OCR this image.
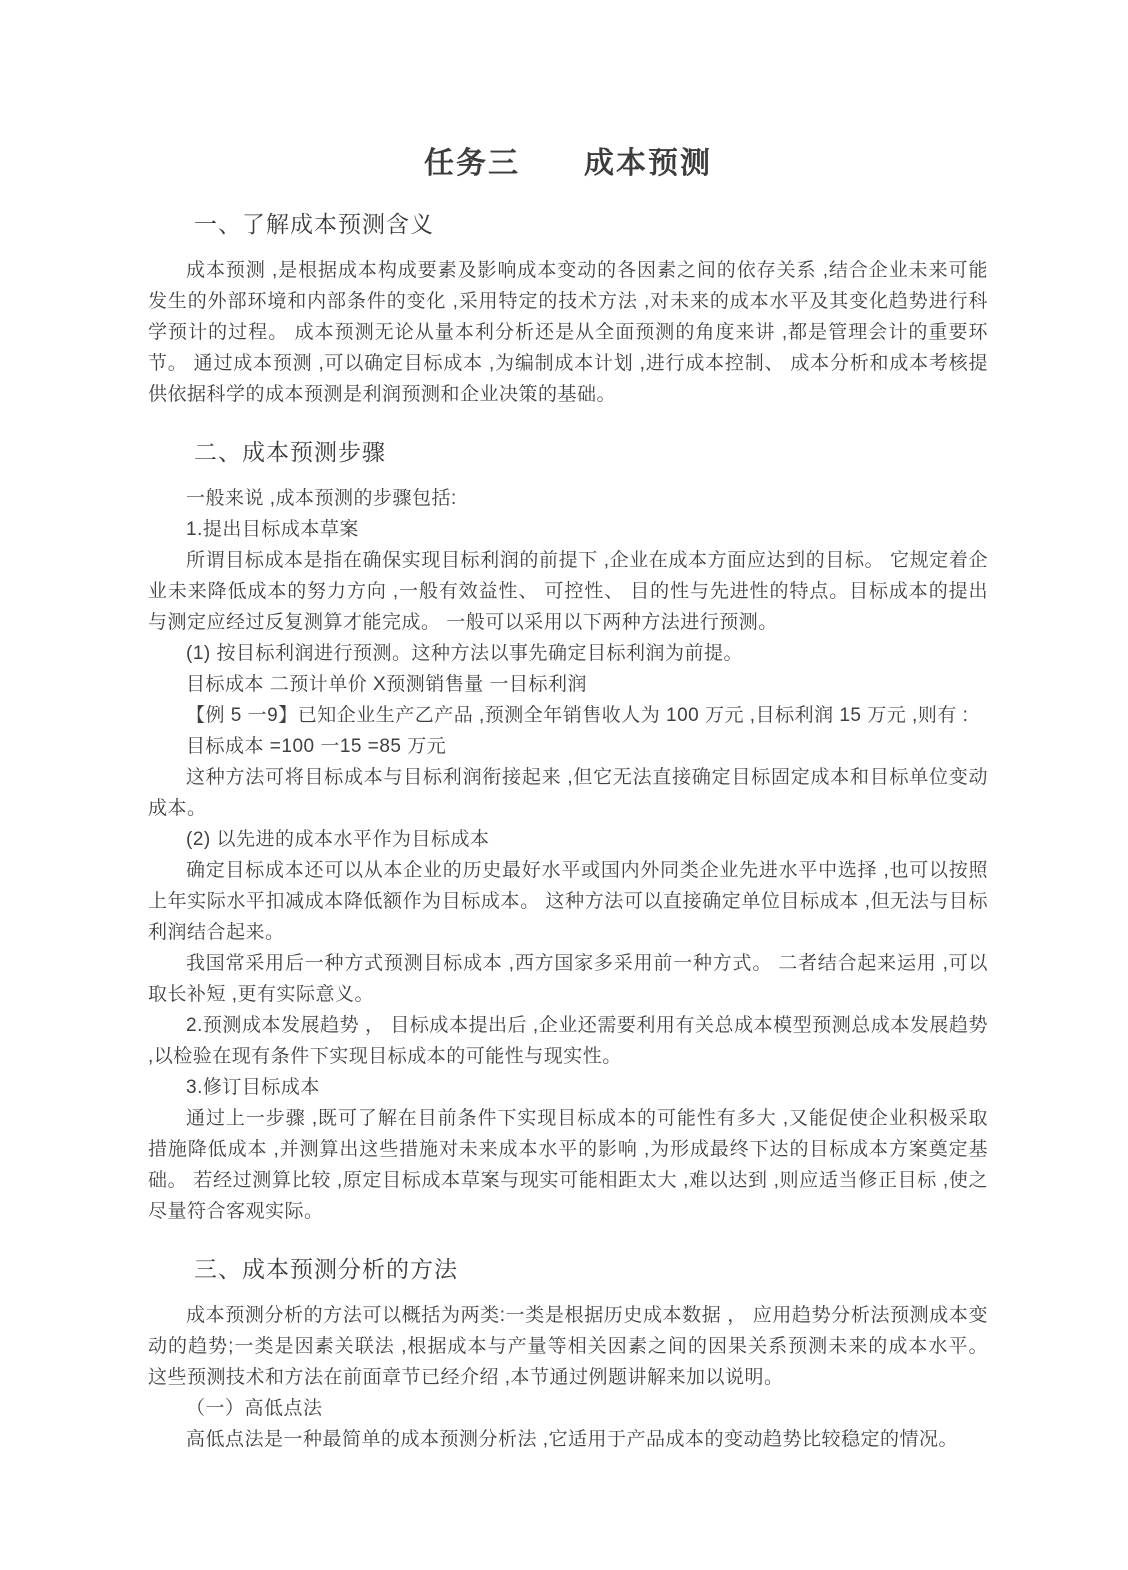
任务三　　成本预测
一、了解成本预测含义

成本预测 ,是根据成本构成要素及影响成本变动的各因素之间的依存关系 ,结合企业未来可能发生的外部环境和内部条件的变化 ,采用特定的技术方法 ,对未来的成本水平及其变化趋势进行科学预计的过程。 成本预测无论从量本利分析还是从全面预测的角度来讲 ,都是管理会计的重要环节。 通过成本预测 ,可以确定目标成本 ,为编制成本计划 ,进行成本控制、 成本分析和成本考核提供依据科学的成本预测是利润预测和企业决策的基础。

二、成本预测步骤

一般来说 ,成本预测的步骤包括:

1.提出目标成本草案

所谓目标成本是指在确保实现目标利润的前提下 ,企业在成本方面应达到的目标。 它规定着企业未来降低成本的努力方向 ,一般有效益性、 可控性、 目的性与先进性的特点。目标成本的提出与测定应经过反复测算才能完成。 一般可以采用以下两种方法进行预测。

(1) 按目标利润进行预测。这种方法以事先确定目标利润为前提。

目标成本 二预计单价 X预测销售量 一目标利润

【例 5 一9】已知企业生产乙产品 ,预测全年销售收人为 100 万元 ,目标利润 15 万元 ,则有 :

目标成本 =100 一15 =85 万元

这种方法可将目标成本与目标利润衔接起来 ,但它无法直接确定目标固定成本和目标单位变动成本。

(2) 以先进的成本水平作为目标成本

确定目标成本还可以从本企业的历史最好水平或国内外同类企业先进水平中选择 ,也可以按照上年实际水平扣减成本降低额作为目标成本。 这种方法可以直接确定单位目标成本 ,但无法与目标利润结合起来。

我国常采用后一种方式预测目标成本 ,西方国家多采用前一种方式。 二者结合起来运用 ,可以取长补短 ,更有实际意义。

2.预测成本发展趋势 ， 目标成本提出后 ,企业还需要利用有关总成本模型预测总成本发展趋势 ,以检验在现有条件下实现目标成本的可能性与现实性。

3.修订目标成本

通过上一步骤 ,既可了解在目前条件下实现目标成本的可能性有多大 ,又能促使企业积极采取措施降低成本 ,并测算出这些措施对未来成本水平的影响 ,为形成最终下达的目标成本方案奠定基础。 若经过测算比较 ,原定目标成本草案与现实可能相距太大 ,难以达到 ,则应适当修正目标 ,使之尽量符合客观实际。

三、成本预测分析的方法

成本预测分析的方法可以概括为两类:一类是根据历史成本数据 ， 应用趋势分析法预测成本变动的趋势;一类是因素关联法 ,根据成本与产量等相关因素之间的因果关系预测未来的成本水平。 这些预测技术和方法在前面章节已经介绍 ,本节通过例题讲解来加以说明。

（一）高低点法

高低点法是一种最简单的成本预测分析法 ,它适用于产品成本的变动趋势比较稳定的情况。
